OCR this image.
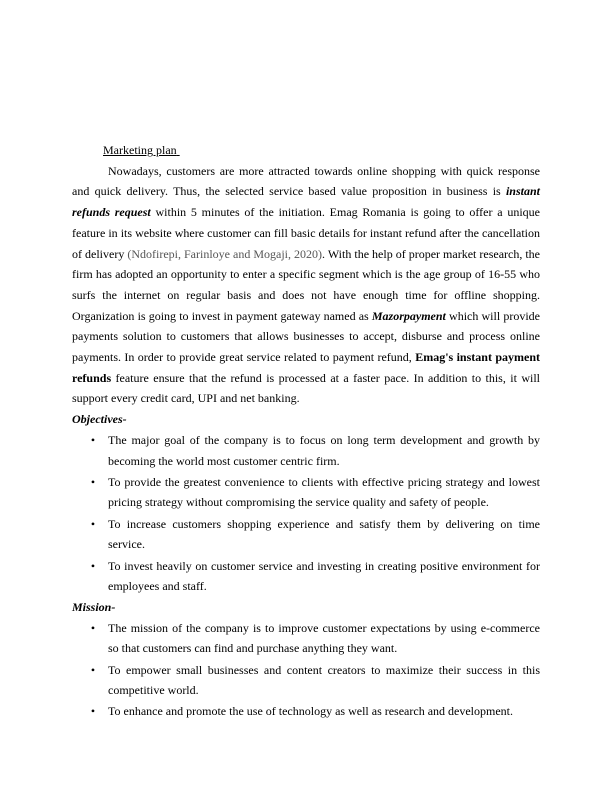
Marketing plan

Nowadays, customers are more attracted towards online shopping with quick response and quick delivery. Thus, the selected service based value proposition in business is instant refunds request within 5 minutes of the initiation. Emag Romania is going to offer a unique feature in its website where customer can fill basic details for instant refund after the cancellation of delivery (Ndofirepi, Farinloye and Mogaji, 2020). With the help of proper market research, the firm has adopted an opportunity to enter a specific segment which is the age group of 16-55 who surfs the internet on regular basis and does not have enough time for offline shopping. Organization is going to invest in payment gateway named as Mazorpayment which will provide payments solution to customers that allows businesses to accept, disburse and process online payments. In order to provide great service related to payment refund, Emag's instant payment refunds feature ensure that the refund is processed at a faster pace. In addition to this, it will support every credit card, UPI and net banking.

Objectives-

• The major goal of the company is to focus on long term development and growth by becoming the world most customer centric firm.
• To provide the greatest convenience to clients with effective pricing strategy and lowest pricing strategy without compromising the service quality and safety of people.
• To increase customers shopping experience and satisfy them by delivering on time service.
• To invest heavily on customer service and investing in creating positive environment for employees and staff.

Mission-

• The mission of the company is to improve customer expectations by using e-commerce so that customers can find and purchase anything they want.
• To empower small businesses and content creators to maximize their success in this competitive world.
• To enhance and promote the use of technology as well as research and development.
